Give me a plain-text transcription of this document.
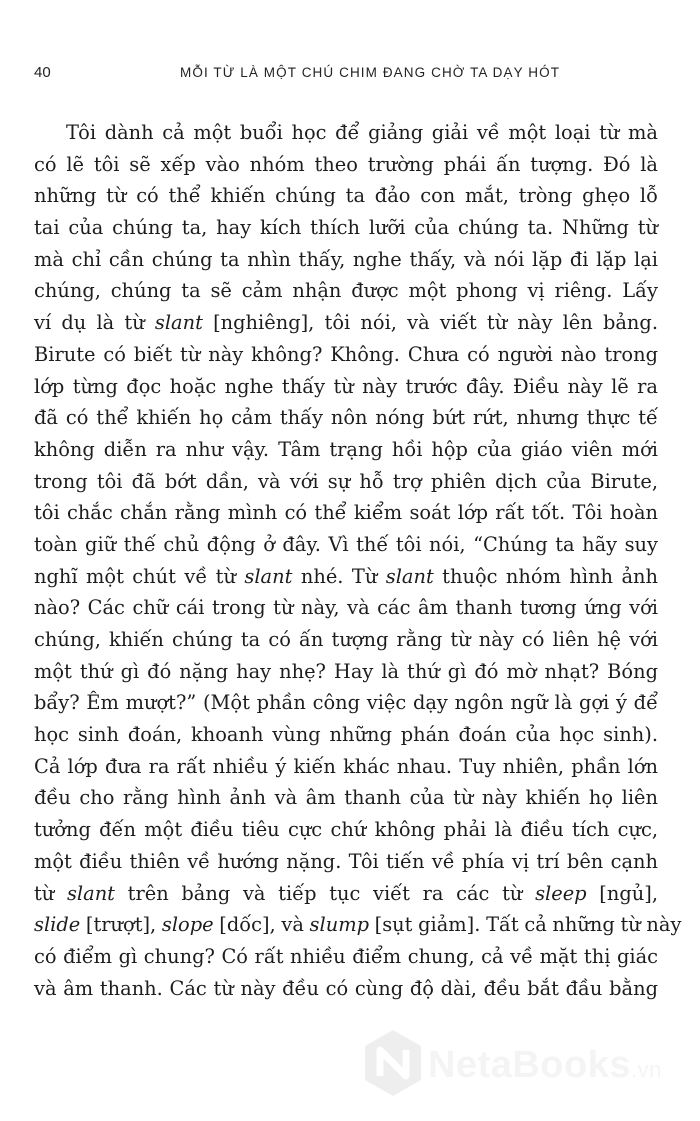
40	MỖI TỪ LÀ MỘT CHÚ CHIM ĐANG CHỜ TA DẠY HÓT
Tôi dành cả một buổi học để giảng giải về một loại từ mà
có lẽ tôi sẽ xếp vào nhóm theo trường phái ấn tượng. Đó là
những từ có thể khiến chúng ta đảo con mắt, tròng ghẹo lỗ
tai của chúng ta, hay kích thích lưỡi của chúng ta. Những từ
mà chỉ cần chúng ta nhìn thấy, nghe thấy, và nói lặp đi lặp lại
chúng, chúng ta sẽ cảm nhận được một phong vị riêng. Lấy
ví dụ là từ slant [nghiêng], tôi nói, và viết từ này lên bảng.
Birute có biết từ này không? Không. Chưa có người nào trong
lớp từng đọc hoặc nghe thấy từ này trước đây. Điều này lẽ ra
đã có thể khiến họ cảm thấy nôn nóng bứt rứt, nhưng thực tế
không diễn ra như vậy. Tâm trạng hồi hộp của giáo viên mới
trong tôi đã bớt dần, và với sự hỗ trợ phiên dịch của Birute,
tôi chắc chắn rằng mình có thể kiểm soát lớp rất tốt. Tôi hoàn
toàn giữ thế chủ động ở đây. Vì thế tôi nói, “Chúng ta hãy suy
nghĩ một chút về từ slant nhé. Từ slant thuộc nhóm hình ảnh
nào? Các chữ cái trong từ này, và các âm thanh tương ứng với
chúng, khiến chúng ta có ấn tượng rằng từ này có liên hệ với
một thứ gì đó nặng hay nhẹ? Hay là thứ gì đó mờ nhạt? Bóng
bẩy? Êm mượt?” (Một phần công việc dạy ngôn ngữ là gợi ý để
học sinh đoán, khoanh vùng những phán đoán của học sinh).
Cả lớp đưa ra rất nhiều ý kiến khác nhau. Tuy nhiên, phần lớn
đều cho rằng hình ảnh và âm thanh của từ này khiến họ liên
tưởng đến một điều tiêu cực chứ không phải là điều tích cực,
một điều thiên về hướng nặng. Tôi tiến về phía vị trí bên cạnh
từ slant trên bảng và tiếp tục viết ra các từ sleep [ngủ],
slide [trượt], slope [dốc], và slump [sụt giảm]. Tất cả những từ này
có điểm gì chung? Có rất nhiều điểm chung, cả về mặt thị giác
và âm thanh. Các từ này đều có cùng độ dài, đều bắt đầu bằng
NetaBooks.vn
